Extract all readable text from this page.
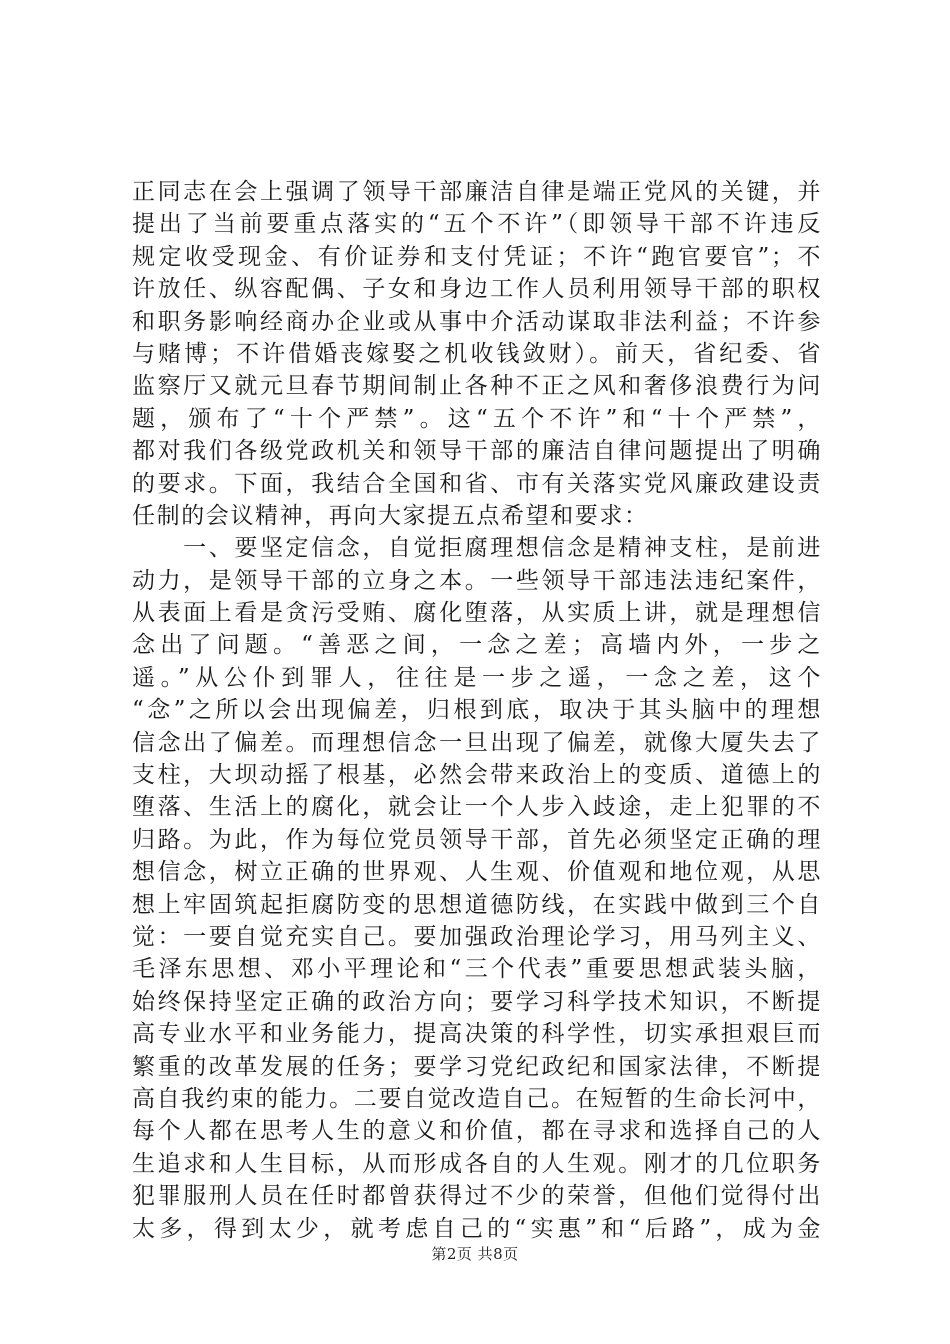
正同志在会上强调了领导干部廉洁自律是端正党风的关键，并
提出了当前要重点落实的“五个不许”（即领导干部不许违反
规定收受现金、有价证券和支付凭证；不许“跑官要官”；不
许放任、纵容配偶、子女和身边工作人员利用领导干部的职权
和职务影响经商办企业或从事中介活动谋取非法利益；不许参
与赌博；不许借婚丧嫁娶之机收钱敛财）。前天，省纪委、省
监察厅又就元旦春节期间制止各种不正之风和奢侈浪费行为问
题，颁布了“十个严禁”。这“五个不许”和“十个严禁”，
都对我们各级党政机关和领导干部的廉洁自律问题提出了明确
的要求。下面，我结合全国和省、市有关落实党风廉政建设责
任制的会议精神，再向大家提五点希望和要求：
　　一、要坚定信念，自觉拒腐理想信念是精神支柱，是前进
动力，是领导干部的立身之本。一些领导干部违法违纪案件，
从表面上看是贪污受贿、腐化堕落，从实质上讲，就是理想信
念出了问题。“善恶之间，一念之差；高墙内外，一步之
遥。”从公仆到罪人，往往是一步之遥，一念之差，这个
“念”之所以会出现偏差，归根到底，取决于其头脑中的理想
信念出了偏差。而理想信念一旦出现了偏差，就像大厦失去了
支柱，大坝动摇了根基，必然会带来政治上的变质、道德上的
堕落、生活上的腐化，就会让一个人步入歧途，走上犯罪的不
归路。为此，作为每位党员领导干部，首先必须坚定正确的理
想信念，树立正确的世界观、人生观、价值观和地位观，从思
想上牢固筑起拒腐防变的思想道德防线，在实践中做到三个自
觉：一要自觉充实自己。要加强政治理论学习，用马列主义、
毛泽东思想、邓小平理论和“三个代表”重要思想武装头脑，
始终保持坚定正确的政治方向；要学习科学技术知识，不断提
高专业水平和业务能力，提高决策的科学性，切实承担艰巨而
繁重的改革发展的任务；要学习党纪政纪和国家法律，不断提
高自我约束的能力。二要自觉改造自己。在短暂的生命长河中，
每个人都在思考人生的意义和价值，都在寻求和选择自己的人
生追求和人生目标，从而形成各自的人生观。刚才的几位职务
犯罪服刑人员在任时都曾获得过不少的荣誉，但他们觉得付出
太多，得到太少，就考虑自己的“实惠”和“后路”，成为金
第2页 共8页
